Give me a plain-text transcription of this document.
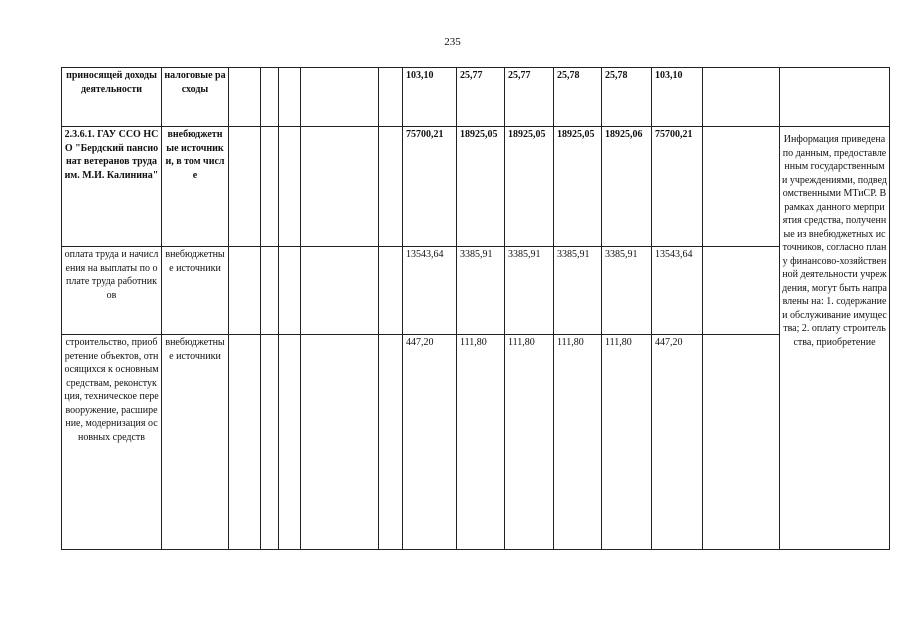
235
приносящей доходы деятельности	налоговые расходы						103,10	25,77	25,77	25,78	25,78	103,10		
2.3.6.1. ГАУ ССО НСО "Бердский пансионат ветеранов труда им. М.И. Калинина"	внебюджетные источники, в том числе						75700,21	18925,05	18925,05	18925,05	18925,06	75700,21		Информация приведена по данным, предоставленным государственными учреждениями, подведомственными МТиСР. В рамках данного мерприятия средства, полученные из внебюджетных источников, согласно плану финансово-хозяйственной деятельности учреждения, могут быть направлены на: 1. содержание и обслуживание имущества; 2. оплату строительства, приобретение
оплата труда и начисления на выплаты по оплате труда работников	внебюджетные источники						13543,64	3385,91	3385,91	3385,91	3385,91	13543,64		
строительство, приобретение объектов, относящихся к основным средствам, реконстукция, техническое перевооружение, расширение, модернизация основных средств	внебюджетные источники						447,20	111,80	111,80	111,80	111,80	447,20		
